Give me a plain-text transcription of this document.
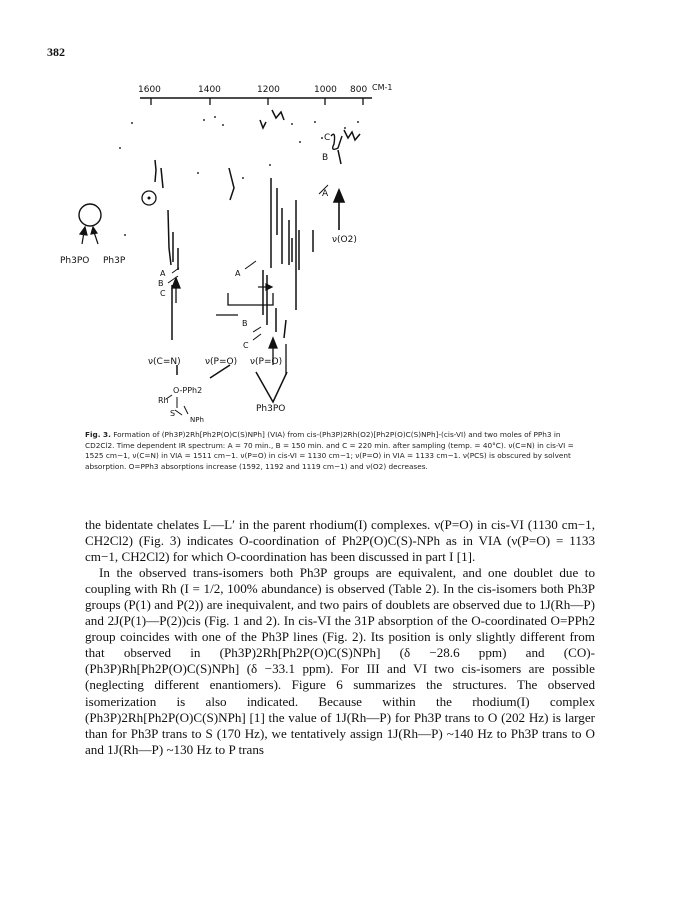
382
1600	1400	1200	1000 800 CM-1
C
B
A
ν(O2)
Ph3PO Ph3P
A
B
C
A
B
C
ν(C=N)	ν(P=O) ν(P=O)
O-PPh2
Rh
S
NPh
Ph3PO
Fig. 3. Formation of (Ph3P)2Rh[Ph2P(O)C(S)NPh] (VIA) from cis-(Ph3P)2Rh(O2)[Ph2P(O)C(S)NPh]-(cis-VI) and two moles of PPh3 in CD2Cl2. Time dependent IR spectrum: A = 70 min., B = 150 min. and C = 220 min. after sampling (temp. = 40°C). ν(C=N) in cis-VI = 1525 cm−1, ν(C=N) in VIA = 1511 cm−1. ν(P=O) in cis-VI = 1130 cm−1; ν(P=O) in VIA = 1133 cm−1. ν(PCS) is obscured by solvent absorption. O=PPh3 absorptions increase (1592, 1192 and 1119 cm−1) and ν(O2) decreases.

the bidentate chelates L—L′ in the parent rhodium(I) complexes. ν(P=O) in cis-VI (1130 cm−1, CH2Cl2) (Fig. 3) indicates O-coordination of Ph2P(O)C(S)-NPh as in VIA (ν(P=O) = 1133 cm−1, CH2Cl2) for which O-coordination has been discussed in part I [1].

In the observed trans-isomers both Ph3P groups are equivalent, and one doublet due to coupling with Rh (I = 1/2, 100% abundance) is observed (Table 2). In the cis-isomers both Ph3P groups (P(1) and P(2)) are inequivalent, and two pairs of doublets are observed due to 1J(Rh—P) and 2J(P(1)—P(2))cis (Fig. 1 and 2). In cis-VI the 31P absorption of the O-coordinated O=PPh2 group coincides with one of the Ph3P lines (Fig. 2). Its position is only slightly different from that observed in (Ph3P)2Rh[Ph2P(O)C(S)NPh] (δ −28.6 ppm) and (CO)-(Ph3P)Rh[Ph2P(O)C(S)NPh] (δ −33.1 ppm). For III and VI two cis-isomers are possible (neglecting different enantiomers). Figure 6 summarizes the structures. The observed isomerization is also indicated. Because within the rhodium(I) complex (Ph3P)2Rh[Ph2P(O)C(S)NPh] [1] the value of 1J(Rh—P) for Ph3P trans to O (202 Hz) is larger than for Ph3P trans to S (170 Hz), we tentatively assign 1J(Rh—P) ~140 Hz to Ph3P trans to O and 1J(Rh—P) ~130 Hz to P trans
